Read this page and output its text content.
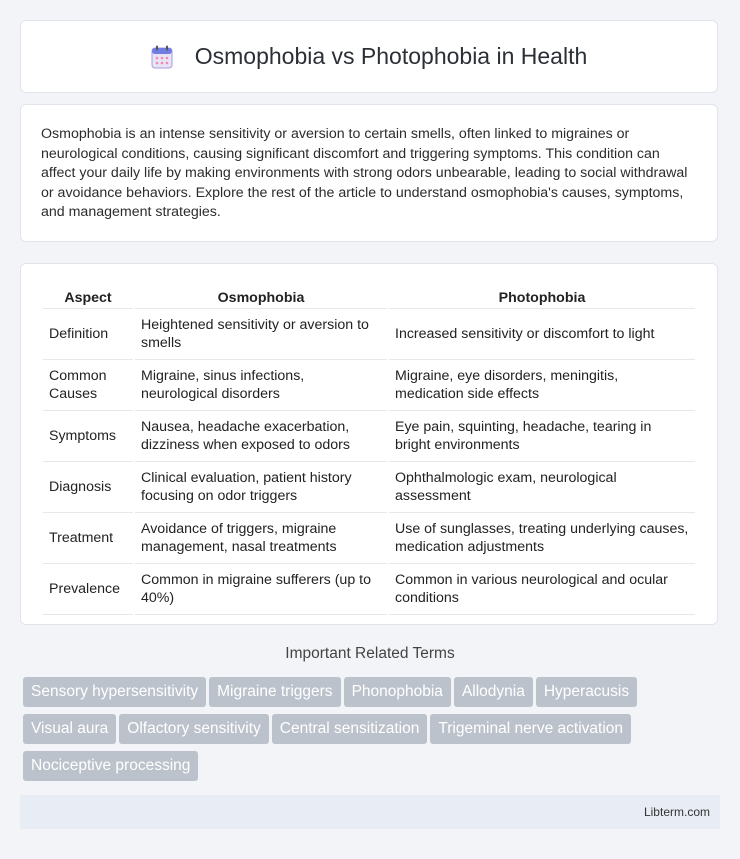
Osmophobia vs Photophobia in Health

Osmophobia is an intense sensitivity or aversion to certain smells, often linked to migraines or neurological conditions, causing significant discomfort and triggering symptoms. This condition can affect your daily life by making environments with strong odors unbearable, leading to social withdrawal or avoidance behaviors. Explore the rest of the article to understand osmophobia's causes, symptoms, and management strategies.

Aspect	Osmophobia	Photophobia
Definition	Heightened sensitivity or aversion to smells	Increased sensitivity or discomfort to light
Common Causes	Migraine, sinus infections, neurological disorders	Migraine, eye disorders, meningitis, medication side effects
Symptoms	Nausea, headache exacerbation, dizziness when exposed to odors	Eye pain, squinting, headache, tearing in bright environments
Diagnosis	Clinical evaluation, patient history focusing on odor triggers	Ophthalmologic exam, neurological assessment
Treatment	Avoidance of triggers, migraine management, nasal treatments	Use of sunglasses, treating underlying causes, medication adjustments
Prevalence	Common in migraine sufferers (up to 40%)	Common in various neurological and ocular conditions
Important Related Terms
Sensory hypersensitivity Migraine triggers Phonophobia Allodynia Hyperacusis
Visual aura Olfactory sensitivity Central sensitization Trigeminal nerve activation
Nociceptive processing
Libterm.com
